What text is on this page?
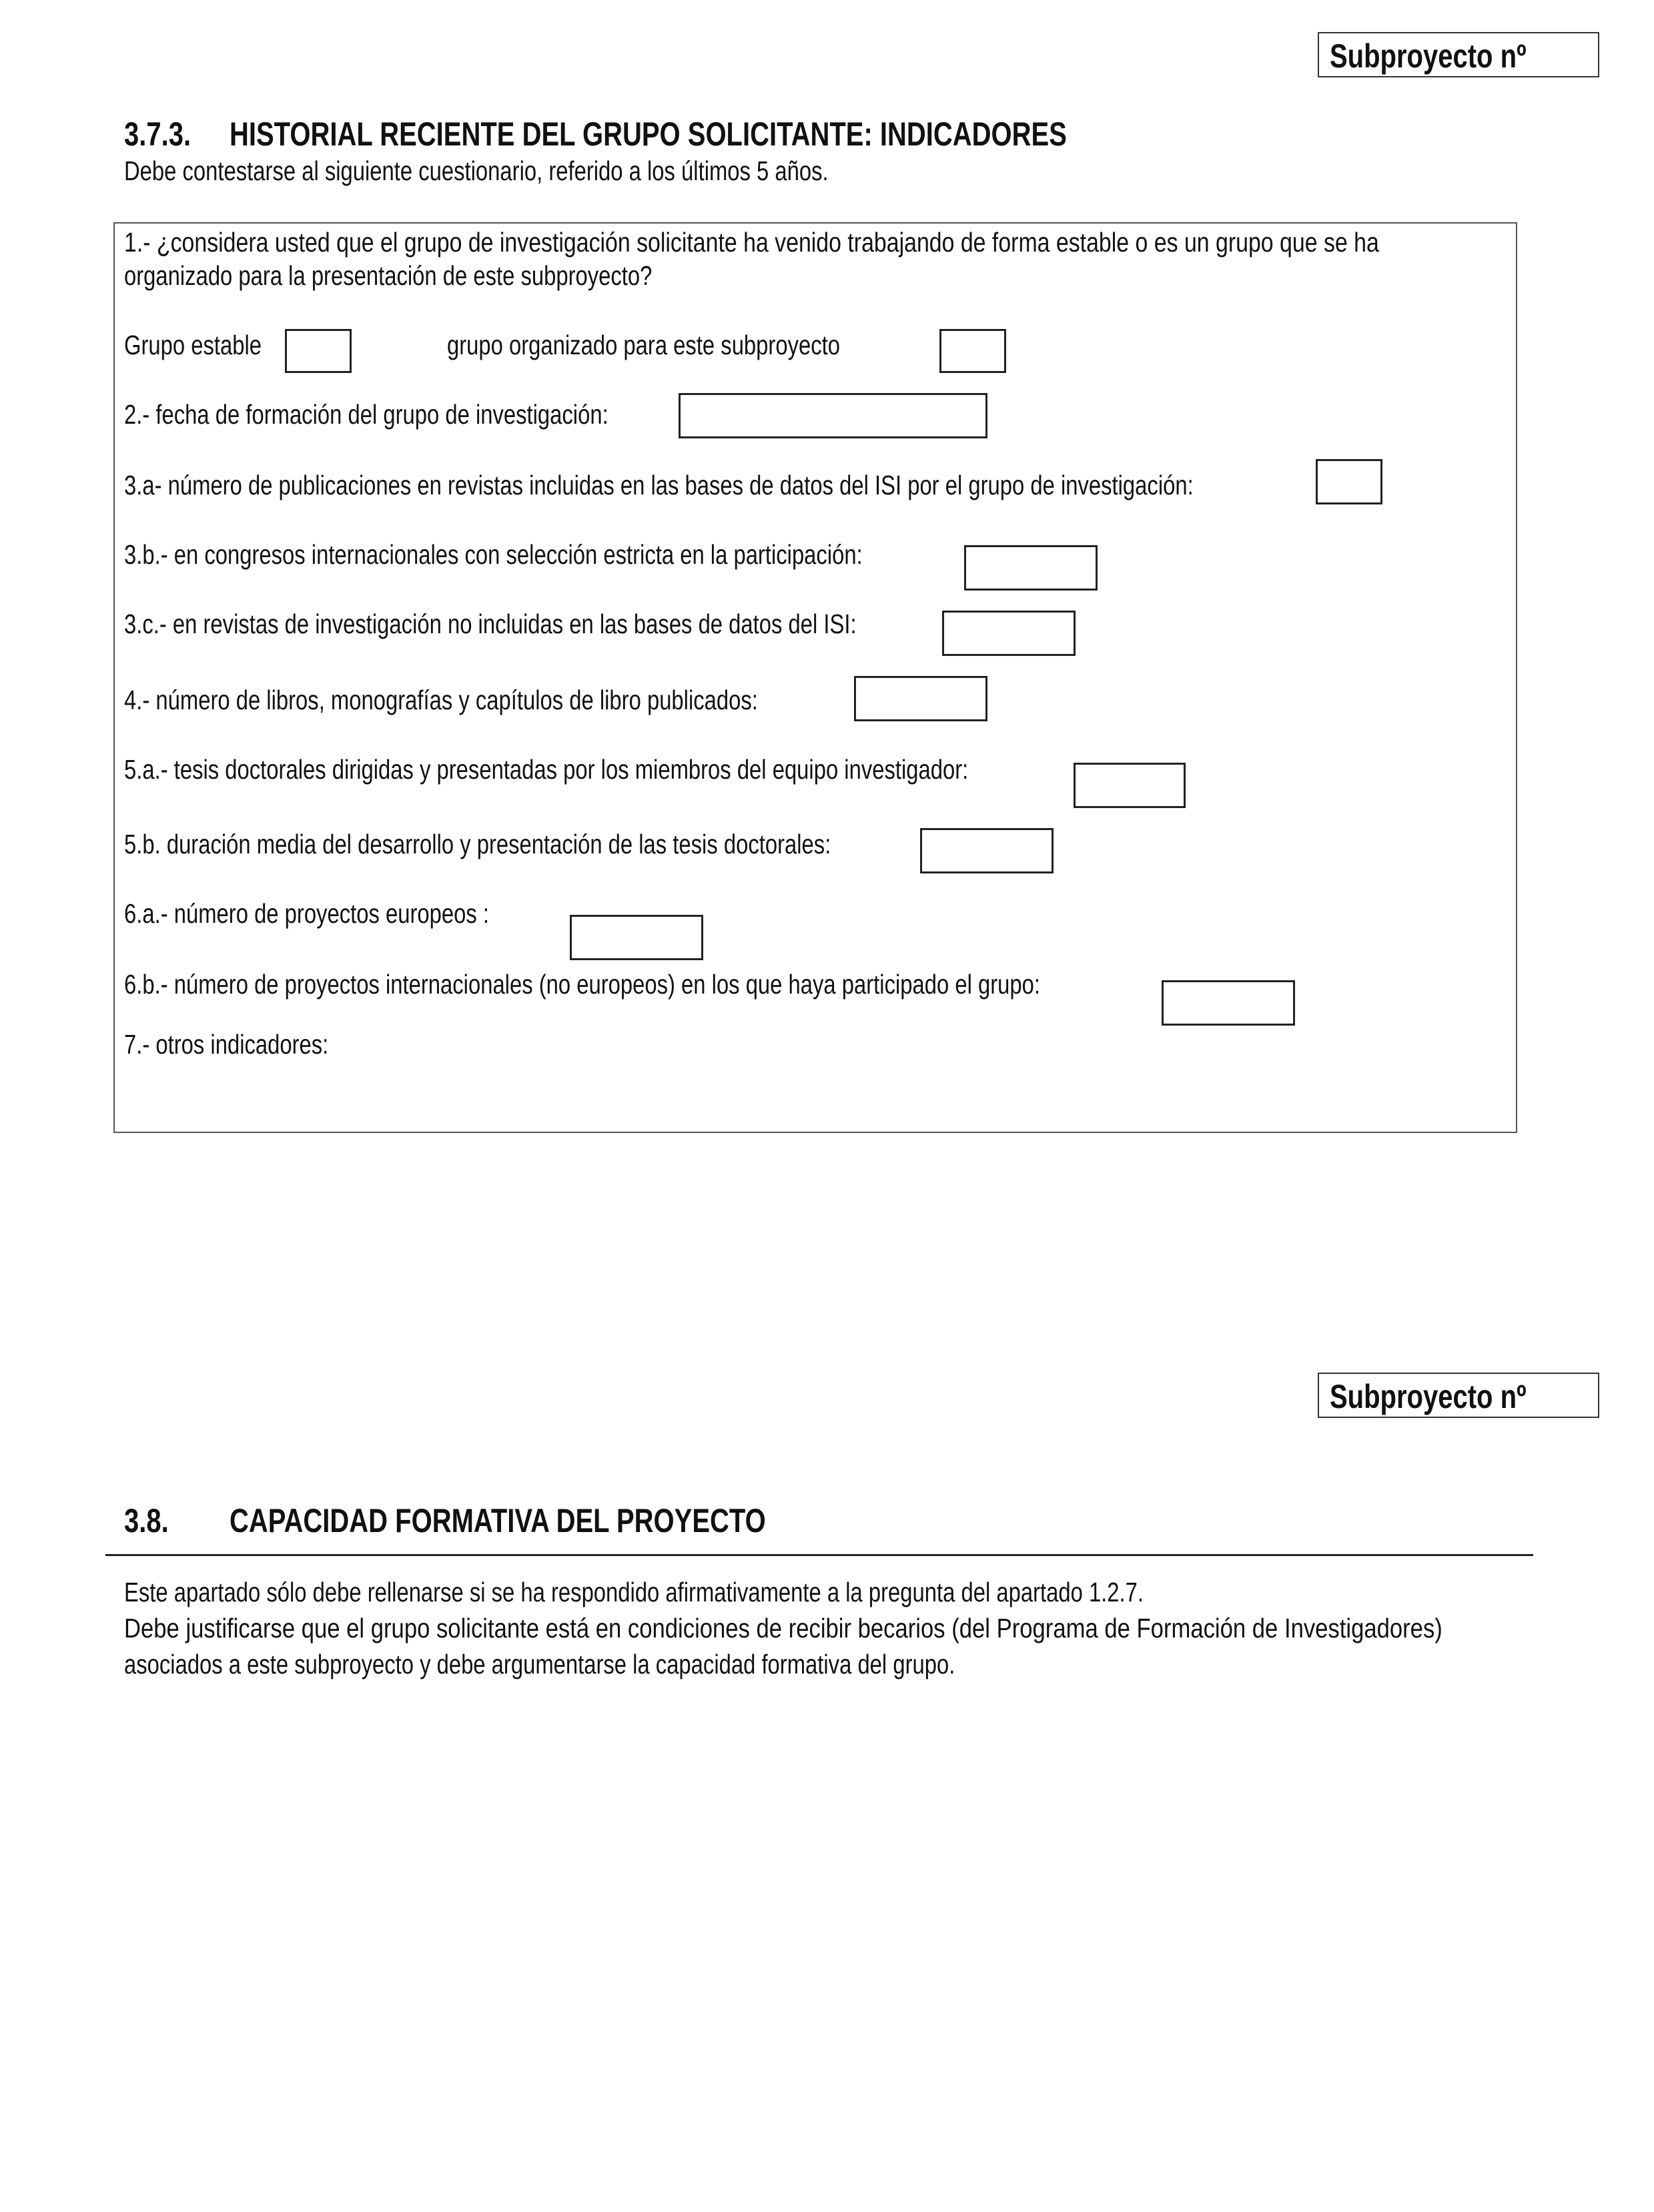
Subproyecto nº
3.7.3. HISTORIAL RECIENTE DEL GRUPO SOLICITANTE: INDICADORES
Debe contestarse al siguiente cuestionario, referido a los últimos 5 años.
1.- ¿considera usted que el grupo de investigación solicitante ha venido trabajando de forma estable o es un grupo que se ha
organizado para la presentación de este subproyecto?
Grupo estable	grupo organizado para este subproyecto
2.- fecha de formación del grupo de investigación:
3.a- número de publicaciones en revistas incluidas en las bases de datos del ISI por el grupo de investigación:
3.b.- en congresos internacionales con selección estricta en la participación:
3.c.- en revistas de investigación no incluidas en las bases de datos del ISI:
4.- número de libros, monografías y capítulos de libro publicados:
5.a.- tesis doctorales dirigidas y presentadas por los miembros del equipo investigador:
5.b. duración media del desarrollo y presentación de las tesis doctorales:
6.a.- número de proyectos europeos :
6.b.- número de proyectos internacionales (no europeos) en los que haya participado el grupo:
7.- otros indicadores:
Subproyecto nº
3.8. CAPACIDAD FORMATIVA DEL PROYECTO
Este apartado sólo debe rellenarse si se ha respondido afirmativamente a la pregunta del apartado 1.2.7.
Debe justificarse que el grupo solicitante está en condiciones de recibir becarios (del Programa de Formación de Investigadores)
asociados a este subproyecto y debe argumentarse la capacidad formativa del grupo.
